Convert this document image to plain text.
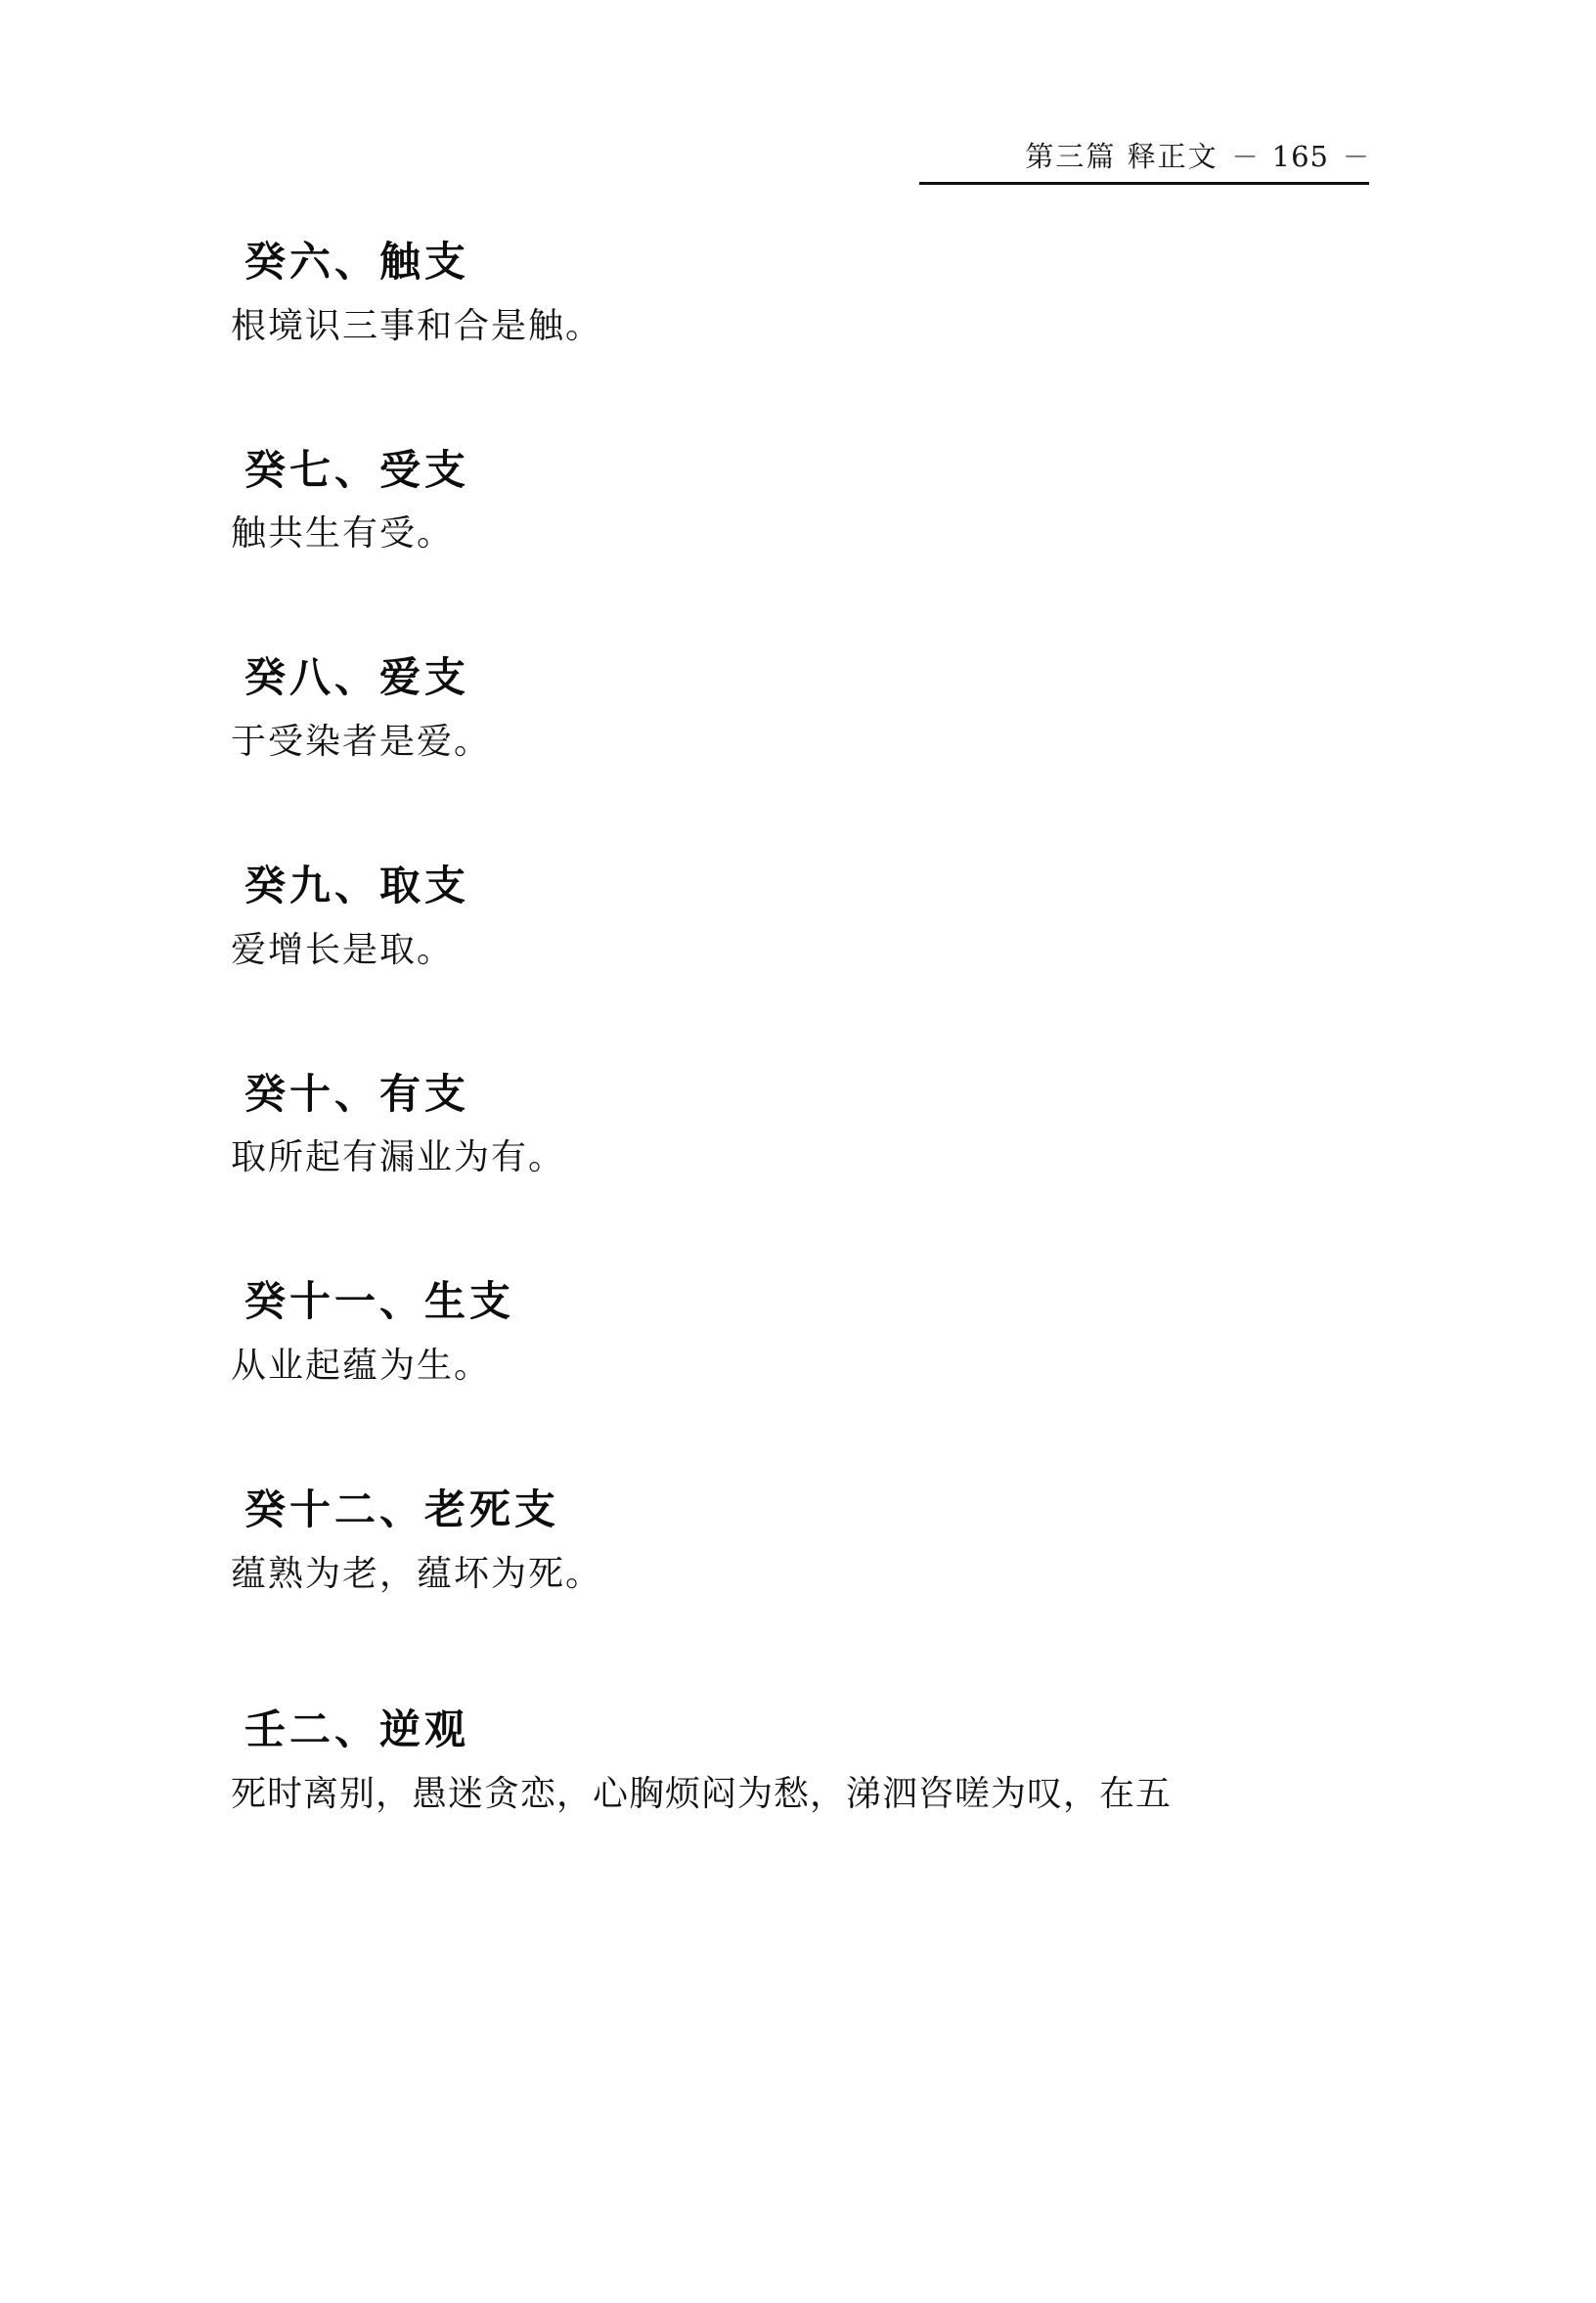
第三篇 释正文 － 165 －
癸六、触支

根境识三事和合是触。

癸七、受支

触共生有受。

癸八、爱支

于受染者是爱。

癸九、取支

爱增长是取。

癸十、有支

取所起有漏业为有。

癸十一、生支

从业起蕴为生。

癸十二、老死支

蕴熟为老，蕴坏为死。

壬二、逆观

死时离别，愚迷贪恋，心胸烦闷为愁，涕泗咨嗟为叹，在五
